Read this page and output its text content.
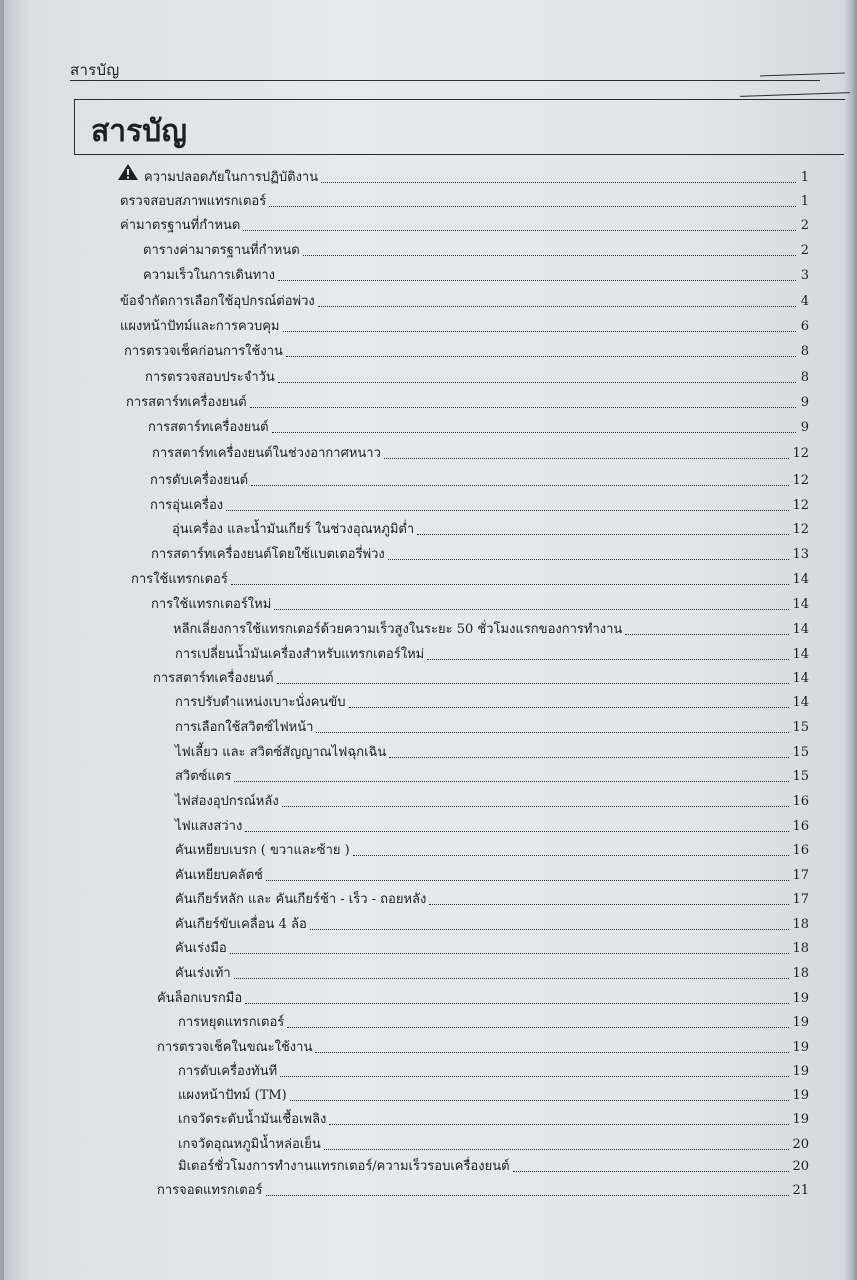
สารบัญ
สารบัญ
ความปลอดภัยในการปฏิบัติงาน	1
ตรวจสอบสภาพแทรกเตอร์	1
ค่ามาตรฐานที่กำหนด	2
ตารางค่ามาตรฐานที่กำหนด	2
ความเร็วในการเดินทาง	3
ข้อจำกัดการเลือกใช้อุปกรณ์ต่อพ่วง	4
แผงหน้าปัทม์และการควบคุม	6
การตรวจเช็คก่อนการใช้งาน	8
การตรวจสอบประจำวัน	8
การสตาร์ทเครื่องยนต์	9
การสตาร์ทเครื่องยนต์	9
การสตาร์ทเครื่องยนต์ในช่วงอากาศหนาว	12
การดับเครื่องยนต์	12
การอุ่นเครื่อง	12
อุ่นเครื่อง และน้ำมันเกียร์ ในช่วงอุณหภูมิต่ำ	12
การสตาร์ทเครื่องยนต์โดยใช้แบตเตอรี่พ่วง	13
การใช้แทรกเตอร์	14
การใช้แทรกเตอร์ใหม่	14
หลีกเลี่ยงการใช้แทรกเตอร์ด้วยความเร็วสูงในระยะ 50 ชั่วโมงแรกของการทำงาน	14
การเปลี่ยนน้ำมันเครื่องสำหรับแทรกเตอร์ใหม่	14
การสตาร์ทเครื่องยนต์	14
การปรับตำแหน่งเบาะนั่งคนขับ	14
การเลือกใช้สวิตซ์ไฟหน้า	15
ไฟเลี้ยว และ สวิตซ์สัญญาณไฟฉุกเฉิน	15
สวิตซ์แตร	15
ไฟส่องอุปกรณ์หลัง	16
ไฟแสงสว่าง	16
คันเหยียบเบรก ( ขวาและซ้าย )	16
คันเหยียบคลัตช์	17
คันเกียร์หลัก และ คันเกียร์ช้า - เร็ว - ถอยหลัง	17
คันเกียร์ขับเคลื่อน 4 ล้อ	18
คันเร่งมือ	18
คันเร่งเท้า	18
คันล็อกเบรกมือ	19
การหยุดแทรกเตอร์	19
การตรวจเช็คในขณะใช้งาน	19
การดับเครื่องทันที	19
แผงหน้าปัทม์ (TM)	19
เกจวัดระดับน้ำมันเชื้อเพลิง	19
เกจวัดอุณหภูมิน้ำหล่อเย็น	20
มิเตอร์ชั่วโมงการทำงานแทรกเตอร์/ความเร็วรอบเครื่องยนต์	20
การจอดแทรกเตอร์	21
